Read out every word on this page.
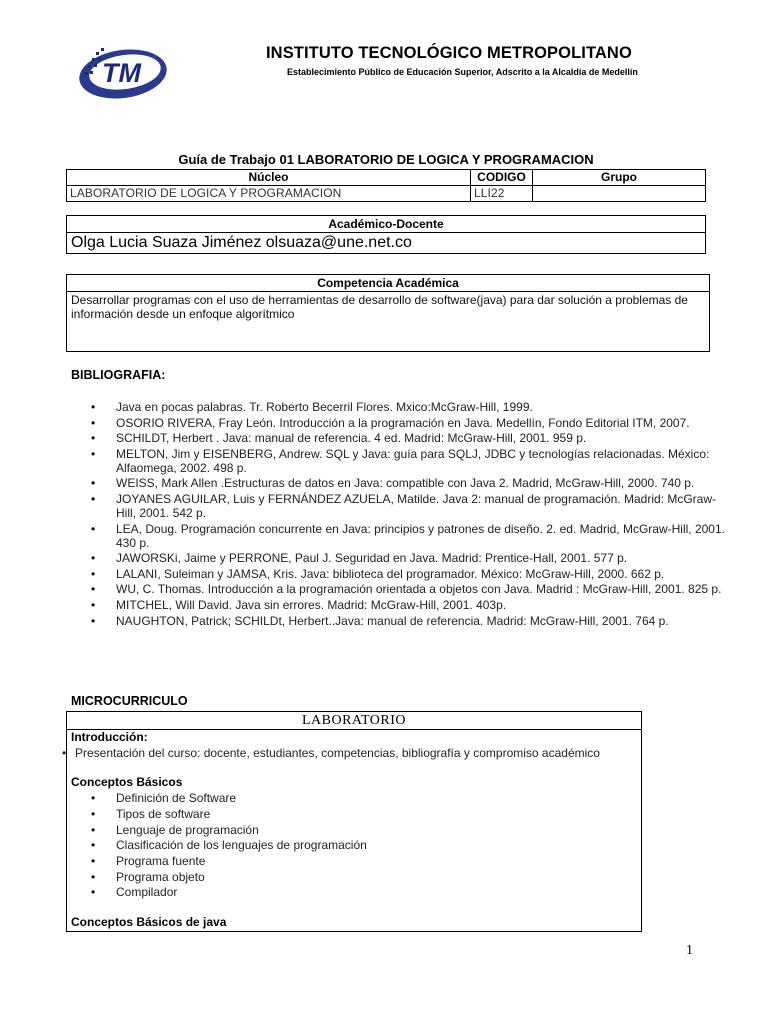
TM
INSTITUTO TECNOLÓGICO METROPOLITANO
Establecimiento Público de Educación Superior, Adscrito a la Alcaldía de Medellín
Guía de Trabajo 01 LABORATORIO DE LOGICA Y PROGRAMACION
Núcleo	CODIGO	Grupo
LABORATORIO DE LOGICA Y PROGRAMACION	LLI22	
Académico-Docente
Olga Lucia Suaza Jiménez olsuaza@une.net.co
Competencia Académica
Desarrollar programas con el uso de herramientas de desarrollo de software(java) para dar solución a problemas de información desde un enfoque algorítmico
BIBLIOGRAFIA:
• Java en pocas palabras. Tr. Roberto Becerril Flores. Mxico:McGraw-Hill, 1999.
• OSORIO RIVERA, Fray León. Introducción a la programación en Java. Medellín, Fondo Editorial ITM, 2007.
• SCHILDT, Herbert . Java: manual de referencia. 4 ed. Madrid: McGraw-Hill, 2001. 959 p.
• MELTON, Jim y EISENBERG, Andrew. SQL y Java: guía para SQLJ, JDBC y tecnologías relacionadas. México: Alfaomega, 2002. 498 p.
• WEISS, Mark Allen .Estructuras de datos en Java: compatible con Java 2. Madrid, McGraw-Hill, 2000. 740 p.
• JOYANES AGUILAR, Luis y FERNÁNDEZ AZUELA, Matilde. Java 2: manual de programación. Madrid: McGraw-Hill, 2001. 542 p.
• LEA, Doug. Programación concurrente en Java: principios y patrones de diseño. 2. ed. Madrid, McGraw-Hill, 2001. 430 p.
• JAWORSKi, Jaime y PERRONE, Paul J. Seguridad en Java. Madrid: Prentice-Hall, 2001. 577 p.
• LALANI, Suleiman y JAMSA, Kris. Java: biblioteca del programador. México: McGraw-Hill, 2000. 662 p.
• WU, C. Thomas. Introducción a la programación orientada a objetos con Java. Madrid : McGraw-Hill, 2001. 825 p.
• MITCHEL, Will David. Java sin errores. Madrid: McGraw-Hill, 2001. 403p.
• NAUGHTON, Patrick; SCHILDt, Herbert..Java: manual de referencia. Madrid: McGraw-Hill, 2001. 764 p.
MICROCURRICULO
LABORATORIO
Introducción:
• Presentación del curso: docente, estudiantes, competencias, bibliografía y compromiso académico
Conceptos Básicos
• Definición de Software
• Tipos de software
• Lenguaje de programación
• Clasificación de los lenguajes de programación
• Programa fuente
• Programa objeto
• Compilador
Conceptos Básicos de java
1
